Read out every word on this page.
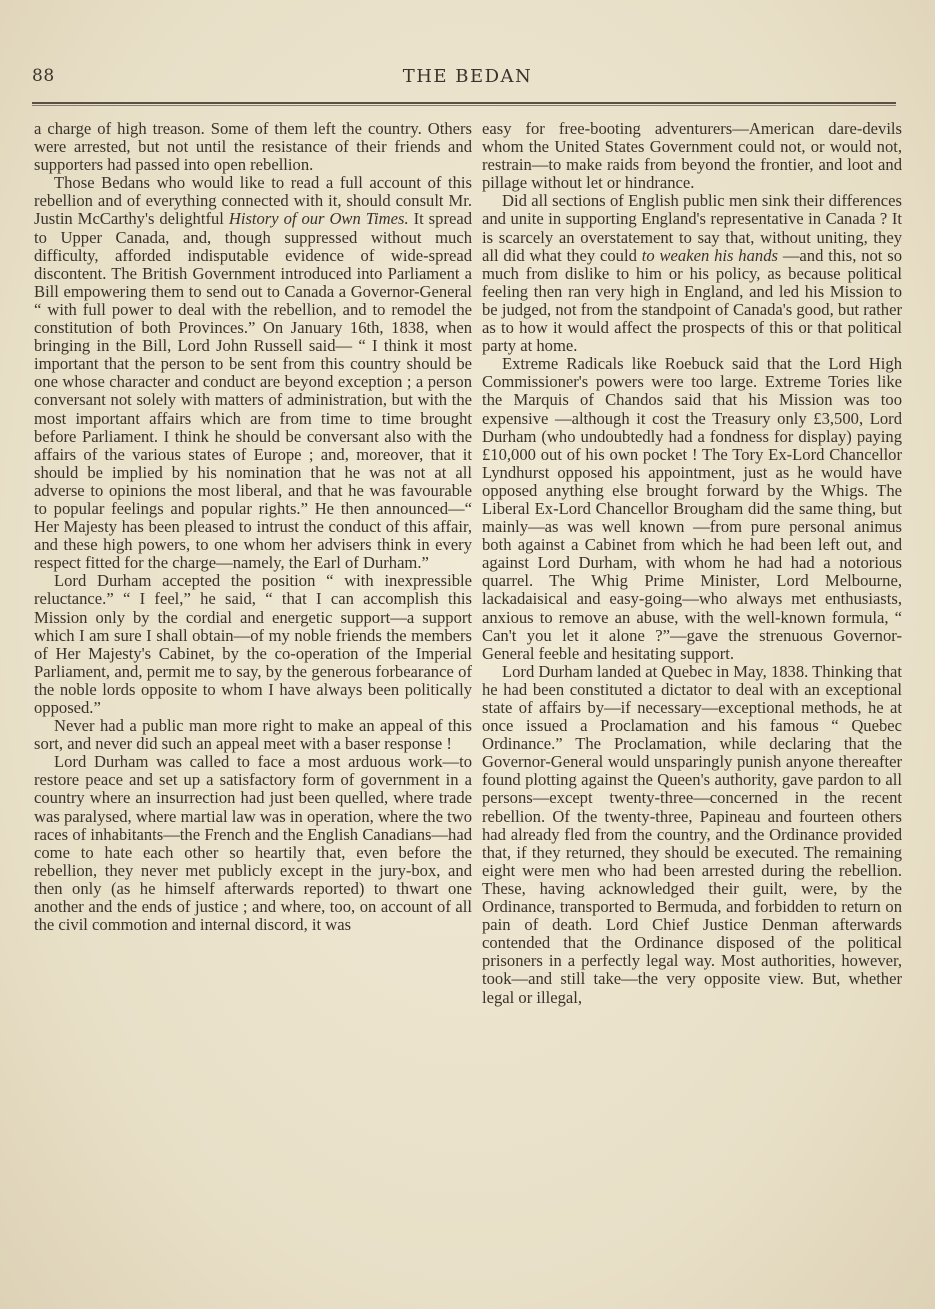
88	THE BEDAN

a charge of high treason. Some of them left the country. Others were arrested, but not until the resistance of their friends and supporters had passed into open rebellion.

Those Bedans who would like to read a full account of this rebellion and of everything connected with it, should consult Mr. Justin McCarthy's delightful History of our Own Times. It spread to Upper Canada, and, though suppressed without much difficulty, afforded indisputable evidence of wide-spread discontent. The British Government introduced into Parliament a Bill empowering them to send out to Canada a Governor-General “ with full power to deal with the rebellion, and to remodel the constitution of both Provinces.” On January 16th, 1838, when bringing in the Bill, Lord John Russell said— “ I think it most important that the person to be sent from this country should be one whose character and conduct are beyond exception ; a person conversant not solely with matters of administration, but with the most important affairs which are from time to time brought before Parliament. I think he should be conversant also with the affairs of the various states of Europe ; and, moreover, that it should be implied by his nomination that he was not at all adverse to opinions the most liberal, and that he was favourable to popular feelings and popular rights.” He then announced—“ Her Majesty has been pleased to intrust the conduct of this affair, and these high powers, to one whom her advisers think in every respect fitted for the charge—namely, the Earl of Durham.”

Lord Durham accepted the position “ with inexpressible reluctance.” “ I feel,” he said, “ that I can accomplish this Mission only by the cordial and energetic support—a support which I am sure I shall obtain—of my noble friends the members of Her Majesty's Cabinet, by the co-operation of the Imperial Parliament, and, permit me to say, by the generous forbearance of the noble lords opposite to whom I have always been politically opposed.”

Never had a public man more right to make an appeal of this sort, and never did such an appeal meet with a baser response !

Lord Durham was called to face a most arduous work—to restore peace and set up a satisfactory form of government in a country where an insurrection had just been quelled, where trade was paralysed, where martial law was in operation, where the two races of inhabitants—the French and the English Canadians—had come to hate each other so heartily that, even before the rebellion, they never met publicly except in the jury-box, and then only (as he himself afterwards reported) to thwart one another and the ends of justice ; and where, too, on account of all the civil commotion and internal discord, it was

easy for free-booting adventurers—American dare-devils whom the United States Government could not, or would not, restrain—to make raids from beyond the frontier, and loot and pillage without let or hindrance.

Did all sections of English public men sink their differences and unite in supporting England's representative in Canada ? It is scarcely an overstatement to say that, without uniting, they all did what they could to weaken his hands —and this, not so much from dislike to him or his policy, as because political feeling then ran very high in England, and led his Mission to be judged, not from the standpoint of Canada's good, but rather as to how it would affect the prospects of this or that political party at home.

Extreme Radicals like Roebuck said that the Lord High Commissioner's powers were too large. Extreme Tories like the Marquis of Chandos said that his Mission was too expensive —although it cost the Treasury only £3,500, Lord Durham (who undoubtedly had a fondness for display) paying £10,000 out of his own pocket ! The Tory Ex-Lord Chancellor Lyndhurst opposed his appointment, just as he would have opposed anything else brought forward by the Whigs. The Liberal Ex-Lord Chancellor Brougham did the same thing, but mainly—as was well known —from pure personal animus both against a Cabinet from which he had been left out, and against Lord Durham, with whom he had had a notorious quarrel. The Whig Prime Minister, Lord Melbourne, lackadaisical and easy-going—who always met enthusiasts, anxious to remove an abuse, with the well-known formula, “ Can't you let it alone ?”—gave the strenuous Governor-General feeble and hesitating support.

Lord Durham landed at Quebec in May, 1838. Thinking that he had been constituted a dictator to deal with an exceptional state of affairs by—if necessary—exceptional methods, he at once issued a Proclamation and his famous “ Quebec Ordinance.” The Proclamation, while declaring that the Governor-General would unsparingly punish anyone thereafter found plotting against the Queen's authority, gave pardon to all persons—except twenty-three—concerned in the recent rebellion. Of the twenty-three, Papineau and fourteen others had already fled from the country, and the Ordinance provided that, if they returned, they should be executed. The remaining eight were men who had been arrested during the rebellion. These, having acknowledged their guilt, were, by the Ordinance, transported to Bermuda, and forbidden to return on pain of death. Lord Chief Justice Denman afterwards contended that the Ordinance disposed of the political prisoners in a perfectly legal way. Most authorities, however, took—and still take—the very opposite view. But, whether legal or illegal,
